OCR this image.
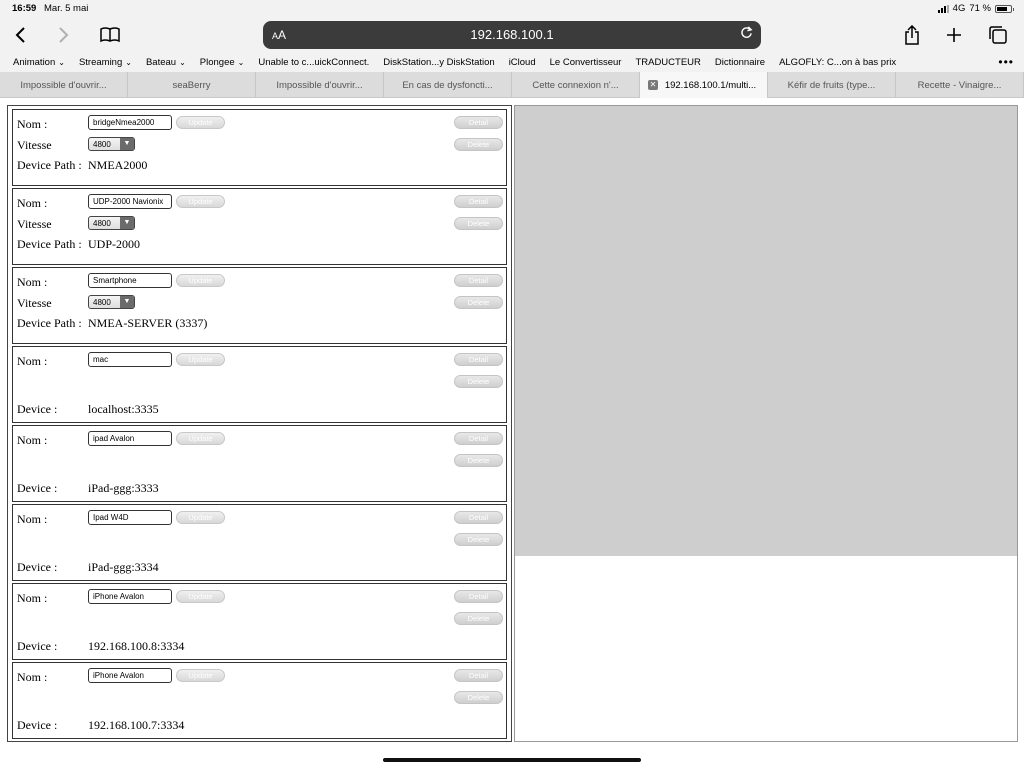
16:59 Mar. 5 mai	4G 71 %
AA	192.168.100.1
Animation ⌄ Streaming ⌄ Bateau ⌄ Plongee ⌄ Unable to c...uickConnect. DiskStation...y DiskStation iCloud Le Convertisseur TRADUCTEUR Dictionnaire ALGOFLY: C...on à bas prix	•••
Impossible d'ouvrir...	seaBerry	Impossible d'ouvrir...	En cas de dysfoncti...	Cette connexion n'...	✕ 192.168.100.1/multi...	Kéfir de fruits (type...	Recette - Vinaigre...
Nom :	bridgeNmea2000	Update	Detail
Vitesse	4800	▼	Delete
Device Path : NMEA2000
Nom :	UDP-2000 Navionix	Update	Detail
Vitesse	4800	▼	Delete
Device Path : UDP-2000
Nom :	Smartphone	Update	Detail
Vitesse	4800	▼	Delete
Device Path : NMEA-SERVER (3337)
Nom :	mac	Update	Detail
Delete
Device :	localhost:3335
Nom :	ipad Avalon	Update	Detail
Delete
Device :	iPad-ggg:3333
Nom :	Ipad W4D	Update	Detail
Delete
Device :	iPad-ggg:3334
Nom :	iPhone Avalon	Update	Detail
Delete
Device :	192.168.100.8:3334
Nom :	iPhone Avalon	Update	Detail
Delete
Device :	192.168.100.7:3334
